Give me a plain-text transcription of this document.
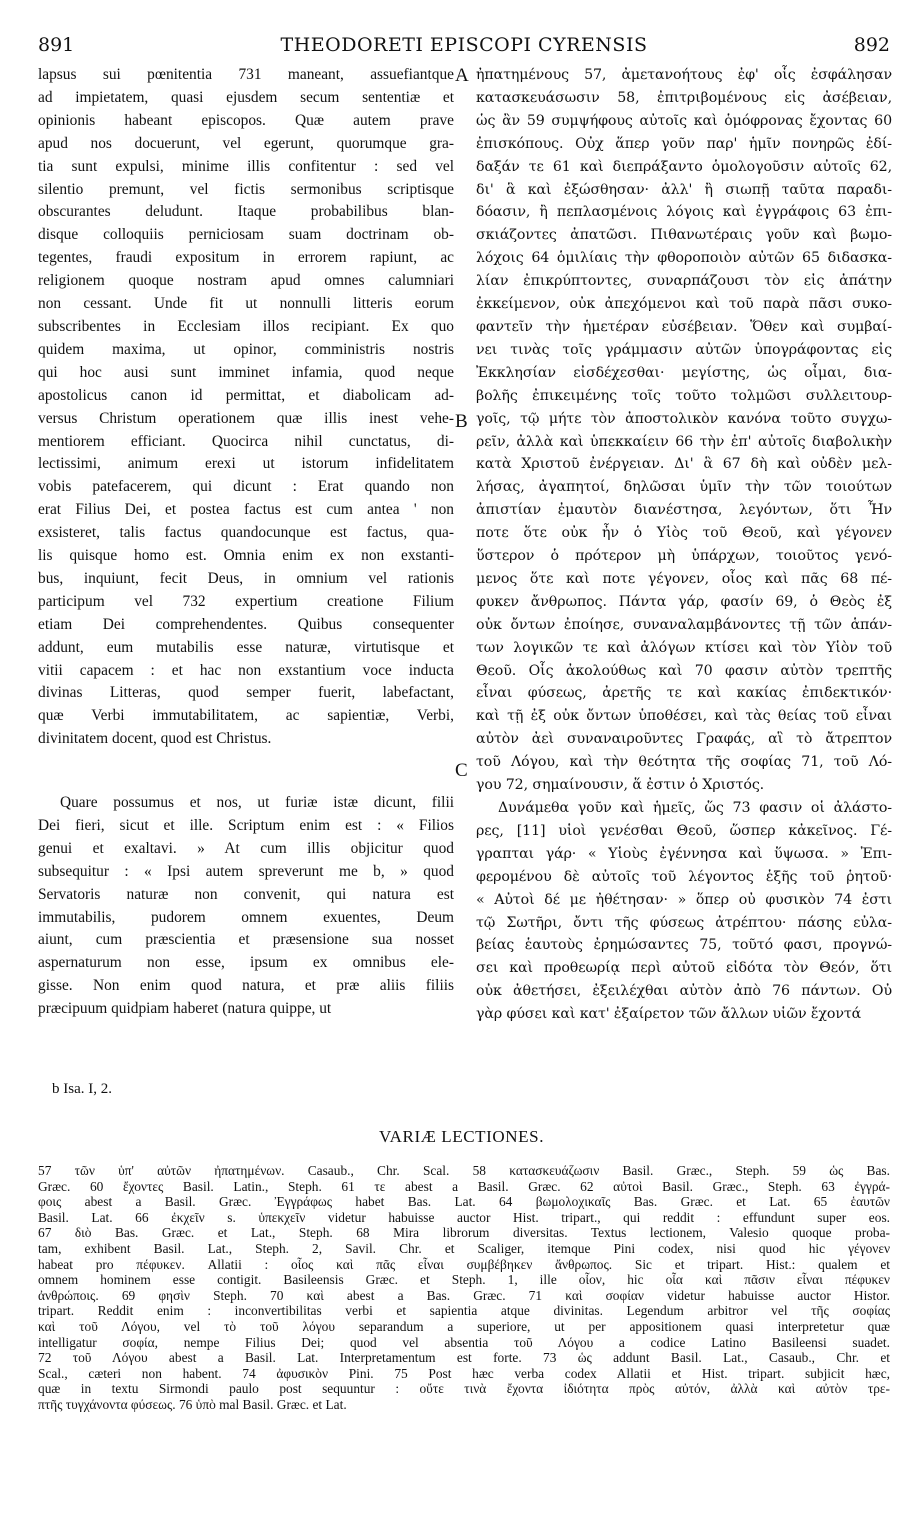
891	THEODORETI EPISCOPI CYRENSIS	892
lapsus sui pœnitentia 731 maneant, assuefiantque
ad impietatem, quasi ejusdem secum sententiæ et
opinionis habeant episcopos. Quæ autem prave
apud nos docuerunt, vel egerunt, quorumque gra-
tia sunt expulsi, minime illis confitentur : sed vel
silentio premunt, vel fictis sermonibus scriptisque
obscurantes deludunt. Itaque probabilibus blan-
disque colloquiis perniciosam suam doctrinam ob-
tegentes, fraudi expositum in errorem rapiunt, ac
religionem quoque nostram apud omnes calumniari
non cessant. Unde fit ut nonnulli litteris eorum
subscribentes in Ecclesiam illos recipiant. Ex quo
quidem maxima, ut opinor, comministris nostris
qui hoc ausi sunt imminet infamia, quod neque
apostolicus canon id permittat, et diabolicam ad-
versus Christum operationem quæ illis inest vehe-
mentiorem efficiant. Quocirca nihil cunctatus, di-
lectissimi, animum erexi ut istorum infidelitatem
vobis patefacerem, qui dicunt : Erat quando non
erat Filius Dei, et postea factus est cum antea ' non
exsisteret, talis factus quandocunque est factus, qua-
lis quisque homo est. Omnia enim ex non exstanti-
bus, inquiunt, fecit Deus, in omnium vel rationis
participum vel 732 expertium creatione Filium
etiam Dei comprehendentes. Quibus consequenter
addunt, eum mutabilis esse naturæ, virtutisque et
vitii capacem : et hac non exstantium voce inducta
divinas Litteras, quod semper fuerit, labefactant,
quæ Verbi immutabilitatem, ac sapientiæ, Verbi,
divinitatem docent, quod est Christus.
Quare possumus et nos, ut furiæ istæ dicunt, filii
Dei fieri, sicut et ille. Scriptum enim est : « Filios
genui et exaltavi. » At cum illis objicitur quod
subsequitur : « Ipsi autem spreverunt me b, » quod
Servatoris naturæ non convenit, qui natura est
immutabilis, pudorem omnem exuentes, Deum
aiunt, cum præscientia et præsensione sua nosset
aspernaturum non esse, ipsum ex omnibus ele-
gisse. Non enim quod natura, et præ aliis filiis
præcipuum quidpiam haberet (natura quippe, ut
ἠπατημένους 57, ἀμετανοήτους ἐφ' οἷς ἐσφάλησαν
κατασκευάσωσιν 58, ἐπιτριβομένους εἰς ἀσέβειαν,
ὡς ἂν 59 συμψήφους αὐτοῖς καὶ ὁμόφρονας ἔχοντας 60
ἐπισκόπους. Οὐχ ἅπερ γοῦν παρ' ἡμῖν πονηρῶς ἐδί-
δαξάν τε 61 καὶ διεπράξαντο ὁμολογοῦσιν αὐτοῖς 62,
δι' ἃ καὶ ἐξώσθησαν· ἀλλ' ἢ σιωπῇ ταῦτα παραδι-
δόασιν, ἢ πεπλασμένοις λόγοις καὶ ἐγγράφοις 63 ἐπι-
σκιάζοντες ἀπατῶσι. Πιθανωτέραις γοῦν καὶ βωμο-
λόχοις 64 ὁμιλίαις τὴν φθοροποιὸν αὐτῶν 65 διδασκα-
λίαν ἐπικρύπτοντες, συναρπάζουσι τὸν εἰς ἀπάτην
ἐκκείμενον, οὐκ ἀπεχόμενοι καὶ τοῦ παρὰ πᾶσι συκο-
φαντεῖν τὴν ἡμετέραν εὐσέβειαν. Ὅθεν καὶ συμβαί-
νει τινὰς τοῖς γράμμασιν αὐτῶν ὑπογράφοντας εἰς
Ἐκκλησίαν εἰσδέχεσθαι· μεγίστης, ὡς οἶμαι, δια-
βολῆς ἐπικειμένης τοῖς τοῦτο τολμῶσι συλλειτουρ-
γοῖς, τῷ μήτε τὸν ἀποστολικὸν κανόνα τοῦτο συγχω-
ρεῖν, ἀλλὰ καὶ ὑπεκκαίειν 66 τὴν ἐπ' αὐτοῖς διαβολικὴν
κατὰ Χριστοῦ ἐνέργειαν. Δι' ἃ 67 δὴ καὶ οὐδὲν μελ-
λήσας, ἀγαπητοί, δηλῶσαι ὑμῖν τὴν τῶν τοιούτων
ἀπιστίαν ἐμαυτὸν διανέστησα, λεγόντων, ὅτι Ἦν
ποτε ὅτε οὐκ ἦν ὁ Υἱὸς τοῦ Θεοῦ, καὶ γέγονεν
ὕστερον ὁ πρότερον μὴ ὑπάρχων, τοιοῦτος γενό-
μενος ὅτε καὶ ποτε γέγονεν, οἷος καὶ πᾶς 68 πέ-
φυκεν ἄνθρωπος. Πάντα γάρ, φασίν 69, ὁ Θεὸς ἐξ
οὐκ ὄντων ἐποίησε, συναναλαμβάνοντες τῇ τῶν ἁπάν-
των λογικῶν τε καὶ ἀλόγων κτίσει καὶ τὸν Υἱὸν τοῦ
Θεοῦ. Οἷς ἀκολούθως καὶ 70 φασιν αὐτὸν τρεπτῆς
εἶναι φύσεως, ἀρετῆς τε καὶ κακίας ἐπιδεκτικόν·
καὶ τῇ ἐξ οὐκ ὄντων ὑποθέσει, καὶ τὰς θείας τοῦ εἶναι
αὐτὸν ἀεὶ συναναιροῦντες Γραφάς, αἳ τὸ ἄτρεπτον
τοῦ Λόγου, καὶ τὴν θεότητα τῆς σοφίας 71, τοῦ Λό-
γου 72, σημαίνουσιν, ἅ ἐστιν ὁ Χριστός.
Δυνάμεθα γοῦν καὶ ἡμεῖς, ὥς 73 φασιν οἱ ἀλάστο-
ρες, [11] υἱοὶ γενέσθαι Θεοῦ, ὥσπερ κἀκεῖνος. Γέ-
γραπται γάρ· « Υἱοὺς ἐγέννησα καὶ ὕψωσα. » Ἐπι-
φερομένου δὲ αὐτοῖς τοῦ λέγοντος ἑξῆς τοῦ ῥητοῦ·
« Αὐτοὶ δέ με ἠθέτησαν· » ὅπερ οὐ φυσικὸν 74 ἐστι
τῷ Σωτῆρι, ὄντι τῆς φύσεως ἀτρέπτου· πάσης εὐλα-
βείας ἑαυτοὺς ἐρημώσαντες 75, τοῦτό φασι, προγνώ-
σει καὶ προθεωρίᾳ περὶ αὐτοῦ εἰδότα τὸν Θεόν, ὅτι
οὐκ ἀθετήσει, ἐξειλέχθαι αὐτὸν ἀπὸ 76 πάντων. Οὐ
γὰρ φύσει καὶ κατ' ἐξαίρετον τῶν ἄλλων υἱῶν ἔχοντά
A
B
C
b Isa. I, 2.
VARIÆ LECTIONES.
57 τῶν ὑπ' αὐτῶν ἠπατημένων. Casaub., Chr. Scal. 58 κατασκευάζωσιν Basil. Græc., Steph. 59 ὡς Bas.
Græc. 60 ἔχοντες Basil. Latin., Steph. 61 τε abest a Basil. Græc. 62 αὐτοὶ Basil. Græc., Steph. 63 ἐγγρά-
φοις abest a Basil. Græc. Ἐγγράφως habet Bas. Lat. 64 βωμολοχικαῖς Bas. Græc. et Lat. 65 ἑαυτῶν
Basil. Lat. 66 ἐκχεῖν s. ὑπεκχεῖν videtur habuisse auctor Hist. tripart., qui reddit : effundunt super eos.
67 διὸ Bas. Græc. et Lat., Steph. 68 Mira librorum diversitas. Textus lectionem, Valesio quoque proba-
tam, exhibent Basil. Lat., Steph. 2, Savil. Chr. et Scaliger, itemque Pini codex, nisi quod hic γέγονεν
habeat pro πέφυκεν. Allatii : οἷος καὶ πᾶς εἶναι συμβέβηκεν ἄνθρωπος. Sic et tripart. Hist.: qualem et
omnem hominem esse contigit. Basileensis Græc. et Steph. 1, ille οἷον, hic οἷα καὶ πᾶσιν εἶναι πέφυκεν
ἀνθρώποις. 69 φησὶν Steph. 70 καὶ abest a Bas. Græc. 71 καὶ σοφίαν videtur habuisse auctor Histor.
tripart. Reddit enim : inconvertibilitas verbi et sapientia atque divinitas. Legendum arbitror vel τῆς σοφίας
καὶ τοῦ Λόγου, vel τὸ τοῦ λόγου separandum a superiore, ut per appositionem quasi interpretetur quæ
intelligatur σοφία, nempe Filius Dei; quod vel absentia τοῦ Λόγου a codice Latino Basileensi suadet.
72 τοῦ Λόγου abest a Basil. Lat. Interpretamentum est forte. 73 ὡς addunt Basil. Lat., Casaub., Chr. et
Scal., cæteri non habent. 74 ἀφυσικὸν Pini. 75 Post hæc verba codex Allatii et Hist. tripart. subjicit hæc,
quæ in textu Sirmondi paulo post sequuntur : οὔτε τινὰ ἔχοντα ἰδιότητα πρὸς αὐτόν, ἀλλὰ καὶ αὐτὸν τρε-
πτῆς τυγχάνοντα φύσεως. 76 ὑπὸ mal Basil. Græc. et Lat.
